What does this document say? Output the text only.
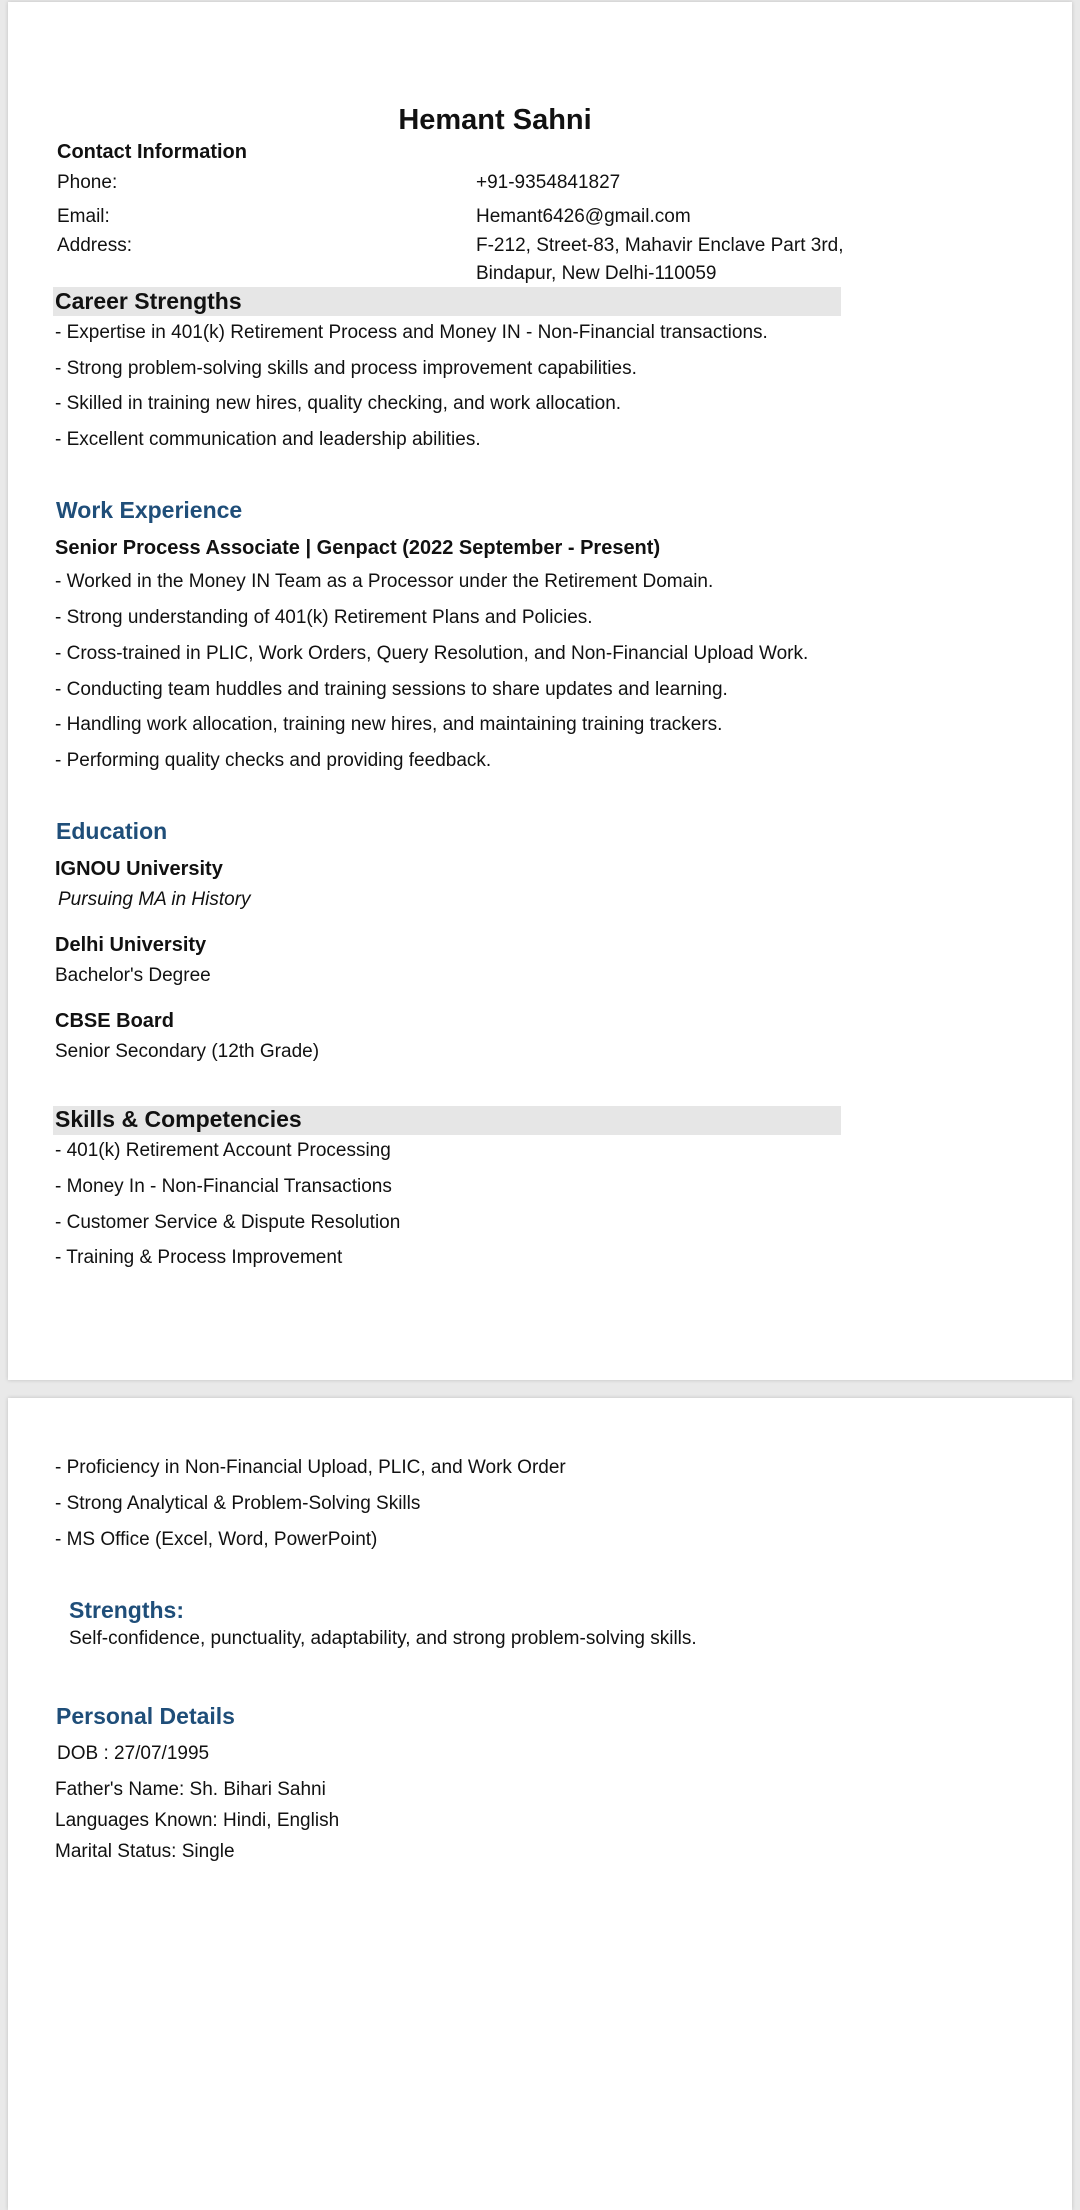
Hemant Sahni
Contact Information
Phone:	+91-9354841827
Email:	Hemant6426@gmail.com
Address:	F-212, Street-83, Mahavir Enclave Part 3rd,
Bindapur, New Delhi-110059
Career Strengths
- Expertise in 401(k) Retirement Process and Money IN - Non-Financial transactions.
- Strong problem-solving skills and process improvement capabilities.
- Skilled in training new hires, quality checking, and work allocation.
- Excellent communication and leadership abilities.
Work Experience
Senior Process Associate | Genpact (2022 September - Present)
- Worked in the Money IN Team as a Processor under the Retirement Domain.
- Strong understanding of 401(k) Retirement Plans and Policies.
- Cross-trained in PLIC, Work Orders, Query Resolution, and Non-Financial Upload Work.
- Conducting team huddles and training sessions to share updates and learning.
- Handling work allocation, training new hires, and maintaining training trackers.
- Performing quality checks and providing feedback.
Education
IGNOU University
Pursuing MA in History
Delhi University
Bachelor's Degree
CBSE Board
Senior Secondary (12th Grade)
Skills & Competencies
- 401(k) Retirement Account Processing
- Money In - Non-Financial Transactions
- Customer Service & Dispute Resolution
- Training & Process Improvement
- Proficiency in Non-Financial Upload, PLIC, and Work Order
- Strong Analytical & Problem-Solving Skills
- MS Office (Excel, Word, PowerPoint)
Strengths:
Self-confidence, punctuality, adaptability, and strong problem-solving skills.
Personal Details
DOB : 27/07/1995
Father's Name: Sh. Bihari Sahni
Languages Known: Hindi, English
Marital Status: Single
